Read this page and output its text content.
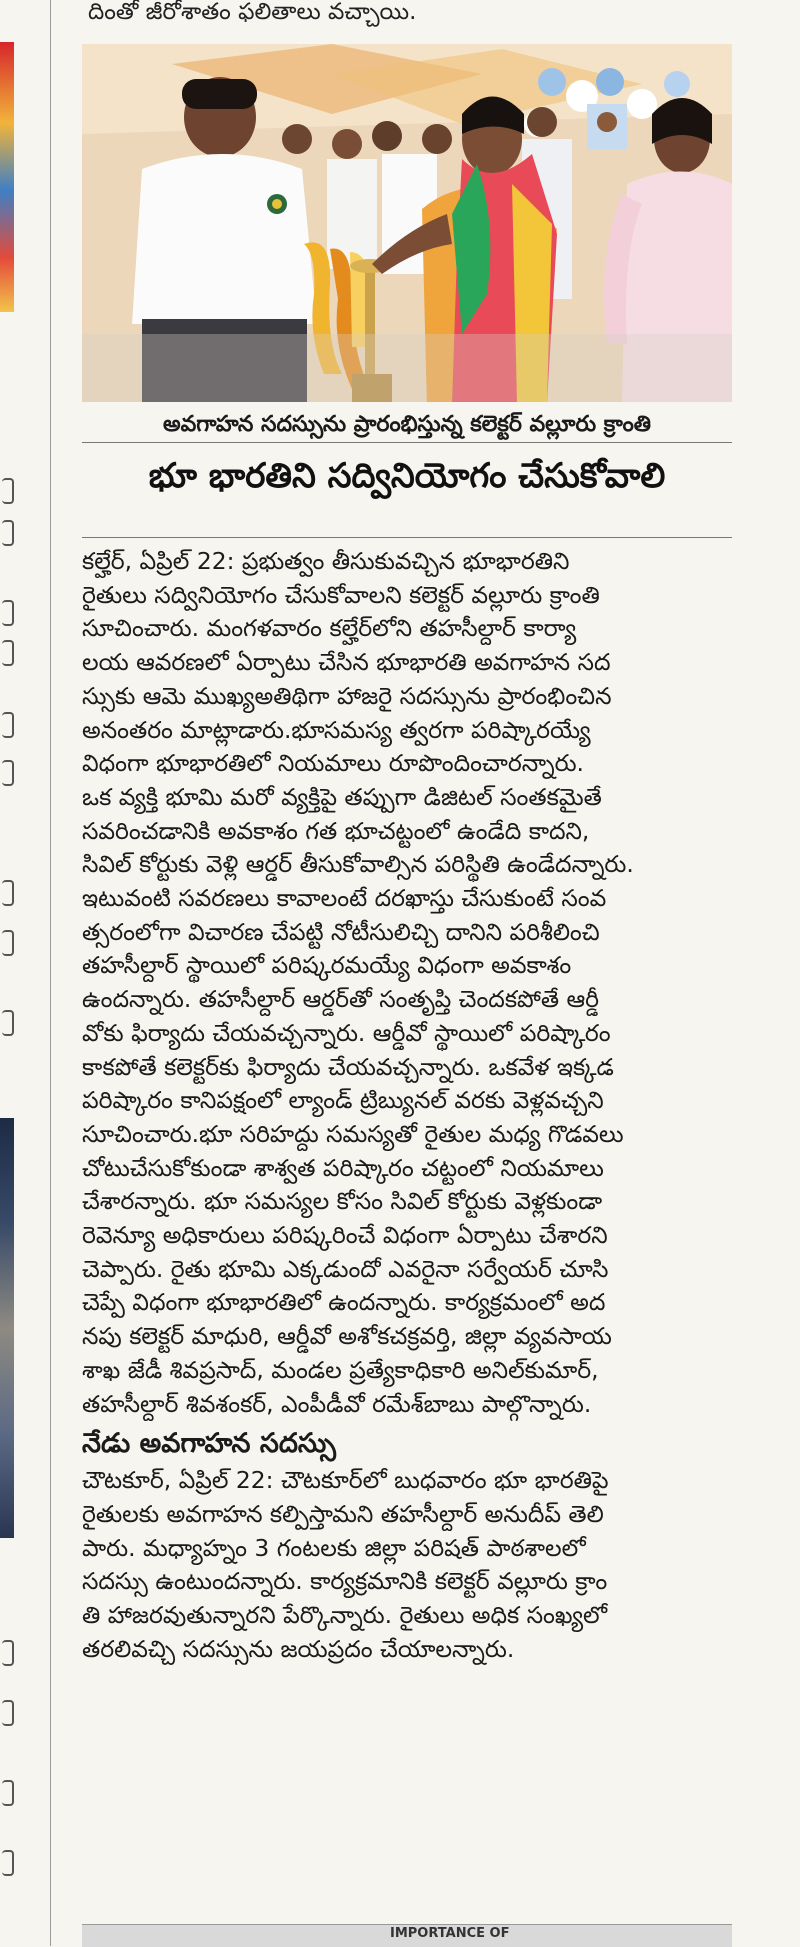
దింతో జీరోశాతం ఫలితాలు వచ్చాయి.
అవగాహన సదస్సును ప్రారంభిస్తున్న కలెక్టర్ వల్లూరు క్రాంతి
భూ భారతిని సద్వినియోగం చేసుకోవాలి

కల్హేర్, ఏప్రిల్ 22: ప్రభుత్వం తీసుకువచ్చిన భూభారతిని

రైతులు సద్వినియోగం చేసుకోవాలని కలెక్టర్ వల్లూరు క్రాంతి

సూచించారు. మంగళవారం కల్హేర్‌లోని తహసీల్దార్ కార్యా

లయ ఆవరణలో ఏర్పాటు చేసిన భూభారతి అవగాహన సద

స్సుకు ఆమె ముఖ్యఅతిథిగా హాజరై సదస్సును ప్రారంభించిన

అనంతరం మాట్లాడారు.భూసమస్య త్వరగా పరిష్కారయ్యే

విధంగా భూభారతిలో నియమాలు రూపొందించారన్నారు.

ఒక వ్యక్తి భూమి మరో వ్యక్తిపై తప్పుగా డిజిటల్ సంతకమైతే

సవరించడానికి అవకాశం గత భూచట్టంలో ఉండేది కాదని,

సివిల్ కోర్టుకు వెళ్లి ఆర్డర్ తీసుకోవాల్సిన పరిస్థితి ఉండేదన్నారు.

ఇటువంటి సవరణలు కావాలంటే దరఖాస్తు చేసుకుంటే సంవ

త్సరంలోగా విచారణ చేపట్టి నోటీసులిచ్చి దానిని పరిశీలించి

తహసీల్దార్ స్థాయిలో పరిష్కరమయ్యే విధంగా అవకాశం

ఉందన్నారు. తహసీల్దార్ ఆర్డర్‌తో సంతృప్తి చెందకపోతే ఆర్డీ

వోకు ఫిర్యాదు చేయవచ్చన్నారు. ఆర్డీవో స్థాయిలో పరిష్కారం

కాకపోతే కలెక్టర్‌కు ఫిర్యాదు చేయవచ్చన్నారు. ఒకవేళ ఇక్కడ

పరిష్కారం కానిపక్షంలో ల్యాండ్ ట్రిబ్యునల్ వరకు వెళ్లవచ్చని

సూచించారు.భూ సరిహద్దు సమస్యతో రైతుల మధ్య గొడవలు

చోటుచేసుకోకుండా శాశ్వత పరిష్కారం చట్టంలో నియమాలు

చేశారన్నారు. భూ సమస్యల కోసం సివిల్ కోర్టుకు వెళ్లకుండా

రెవెన్యూ అధికారులు పరిష్కరించే విధంగా ఏర్పాటు చేశారని

చెప్పారు. రైతు భూమి ఎక్కడుందో ఎవరైనా సర్వేయర్ చూసి

చెప్పే విధంగా భూభారతిలో ఉందన్నారు. కార్యక్రమంలో అద

నపు కలెక్టర్ మాధురి, ఆర్డీవో అశోకచక్రవర్తి, జిల్లా వ్యవసాయ

శాఖ జేడీ శివప్రసాద్, మండల ప్రత్యేకాధికారి అనిల్‌కుమార్,

తహసీల్దార్ శివశంకర్, ఎంపీడీవో రమేశ్‌బాబు పాల్గొన్నారు.

నేడు అవగాహన సదస్సు

చౌటకూర్, ఏప్రిల్ 22: చౌటకూర్‌లో బుధవారం భూ భారతిపై

రైతులకు అవగాహన కల్పిస్తామని తహసీల్దార్ అనుదీప్ తెలి

పారు. మధ్యాహ్నం 3 గంటలకు జిల్లా పరిషత్ పాఠశాలలో

సదస్సు ఉంటుందన్నారు. కార్యక్రమానికి కలెక్టర్ వల్లూరు క్రాం

తి హాజరవుతున్నారని పేర్కొన్నారు. రైతులు అధిక సంఖ్యలో

తరలివచ్చి సదస్సును జయప్రదం చేయాలన్నారు.

IMPORTANCE OF
